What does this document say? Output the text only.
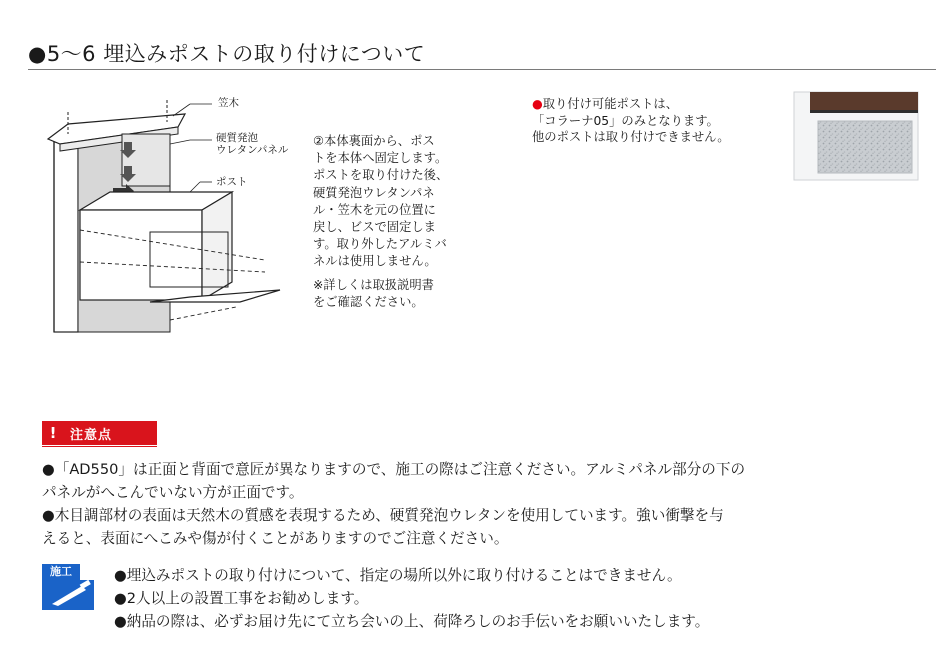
●5〜6 埋込みポストの取り付けについて
笠木
硬質発泡
ウレタンパネル
ポスト
②本体裏面から、ポス
トを本体へ固定します。
ポストを取り付けた後、
硬質発泡ウレタンパネ
ル・笠木を元の位置に
戻し、ビスで固定しま
す。取り外したアルミバ
ネルは使用しません。
※詳しくは取扱説明書
をご確認ください。
●取り付け可能ポストは、
「コラーナ05」のみとなります。
他のポストは取り付けできません。
!	注意点
●「AD550」は正面と背面で意匠が異なりますので、施工の際はご注意ください。アルミパネル部分の下の
パネルがへこんでいない方が正面です。
●木目調部材の表面は天然木の質感を表現するため、硬質発泡ウレタンを使用しています。強い衝撃を与
えると、表面にへこみや傷が付くことがありますのでご注意ください。
施工	●埋込みポストの取り付けについて、指定の場所以外に取り付けることはできません。
●2人以上の設置工事をお勧めします。
●納品の際は、必ずお届け先にて立ち会いの上、荷降ろしのお手伝いをお願いいたします。
